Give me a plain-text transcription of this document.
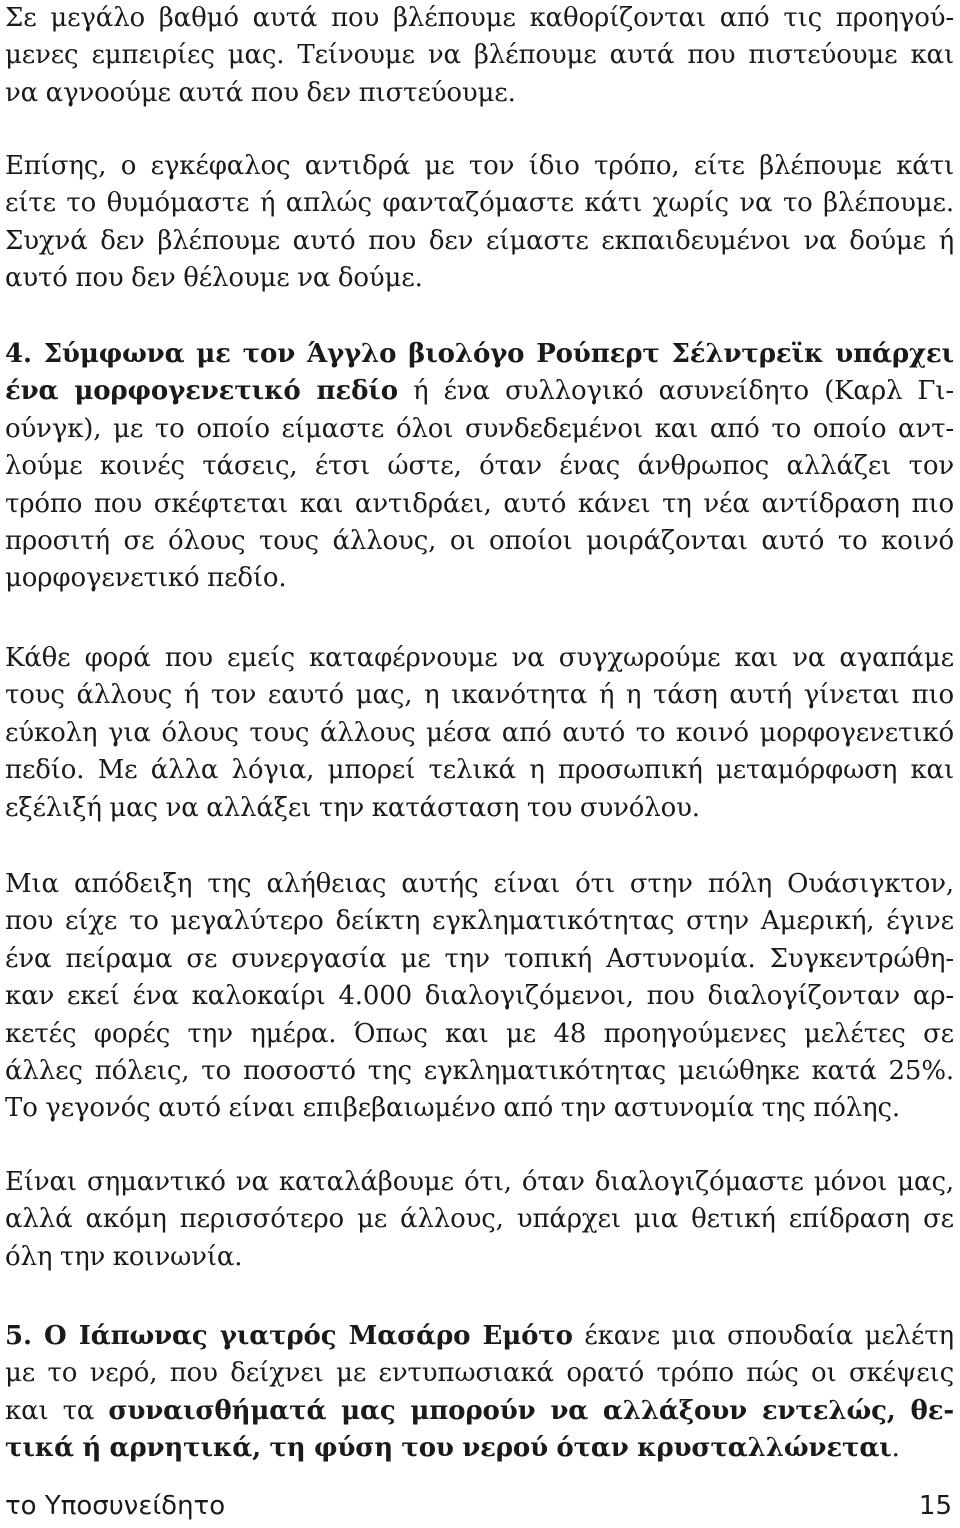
Σε μεγάλο βαθμό αυτά που βλέπουμε καθορίζονται από τις προηγού-
μενες εμπειρίες μας. Τείνουμε να βλέπουμε αυτά που πιστεύουμε και
να αγνοούμε αυτά που δεν πιστεύουμε.

Επίσης, ο εγκέφαλος αντιδρά με τον ίδιο τρόπο, είτε βλέπουμε κάτι
είτε το θυμόμαστε ή απλώς φανταζόμαστε κάτι χωρίς να το βλέπουμε.
Συχνά δεν βλέπουμε αυτό που δεν είμαστε εκπαιδευμένοι να δούμε ή
αυτό που δεν θέλουμε να δούμε.

4. Σύμφωνα με τον Άγγλο βιολόγο Ρούπερτ Σέλντρεϊκ υπάρχει
ένα μορφογενετικό πεδίο ή ένα συλλογικό ασυνείδητο (Καρλ Γι-
ούνγκ), με το οποίο είμαστε όλοι συνδεδεμένοι και από το οποίο αντ-
λούμε κοινές τάσεις, έτσι ώστε, όταν ένας άνθρωπος αλλάζει τον
τρόπο που σκέφτεται και αντιδράει, αυτό κάνει τη νέα αντίδραση πιο
προσιτή σε όλους τους άλλους, οι οποίοι μοιράζονται αυτό το κοινό
μορφογενετικό πεδίο.

Κάθε φορά που εμείς καταφέρνουμε να συγχωρούμε και να αγαπάμε
τους άλλους ή τον εαυτό μας, η ικανότητα ή η τάση αυτή γίνεται πιο
εύκολη για όλους τους άλλους μέσα από αυτό το κοινό μορφογενετικό
πεδίο. Με άλλα λόγια, μπορεί τελικά η προσωπική μεταμόρφωση και
εξέλιξή μας να αλλάξει την κατάσταση του συνόλου.

Μια απόδειξη της αλήθειας αυτής είναι ότι στην πόλη Ουάσιγκτον,
που είχε το μεγαλύτερο δείκτη εγκληματικότητας στην Αμερική, έγινε
ένα πείραμα σε συνεργασία με την τοπική Αστυνομία. Συγκεντρώθη-
καν εκεί ένα καλοκαίρι 4.000 διαλογιζόμενοι, που διαλογίζονταν αρ-
κετές φορές την ημέρα. Όπως και με 48 προηγούμενες μελέτες σε
άλλες πόλεις, το ποσοστό της εγκληματικότητας μειώθηκε κατά 25%.
Το γεγονός αυτό είναι επιβεβαιωμένο από την αστυνομία της πόλης.

Είναι σημαντικό να καταλάβουμε ότι, όταν διαλογιζόμαστε μόνοι μας,
αλλά ακόμη περισσότερο με άλλους, υπάρχει μια θετική επίδραση σε
όλη την κοινωνία.

5. Ο Ιάπωνας γιατρός Μασάρο Εμότο έκανε μια σπουδαία μελέτη
με το νερό, που δείχνει με εντυπωσιακά ορατό τρόπο πώς οι σκέψεις
και τα συναισθήματά μας μπορούν να αλλάξουν εντελώς, θε-
τικά ή αρνητικά, τη φύση του νερού όταν κρυσταλλώνεται.

το Υποσυνείδητο	15
